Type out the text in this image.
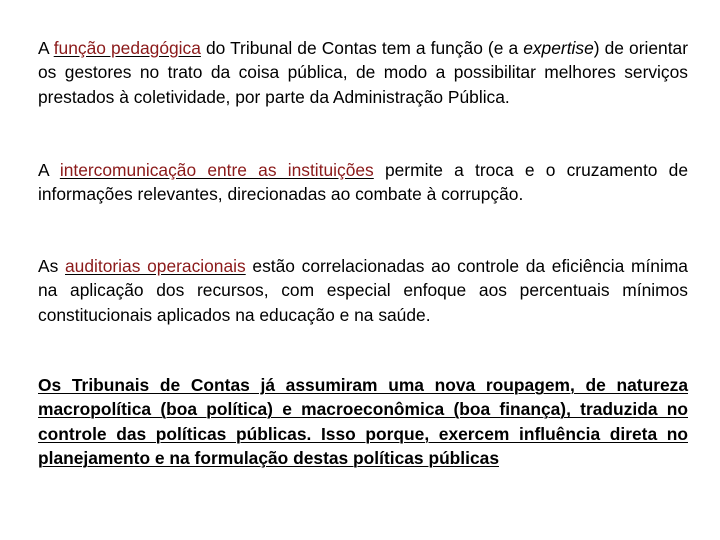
A função pedagógica do Tribunal de Contas tem a função (e a expertise) de orientar os gestores no trato da coisa pública, de modo a possibilitar melhores serviços prestados à coletividade, por parte da Administração Pública.

A intercomunicação entre as instituições permite a troca e o cruzamento de informações relevantes, direcionadas ao combate à corrupção.

As auditorias operacionais estão correlacionadas ao controle da eficiência mínima na aplicação dos recursos, com especial enfoque aos percentuais mínimos constitucionais aplicados na educação e na saúde.

Os Tribunais de Contas já assumiram uma nova roupagem, de natureza macropolítica (boa política) e macroeconômica (boa finança), traduzida no controle das políticas públicas. Isso porque, exercem influência direta no planejamento e na formulação destas políticas públicas
